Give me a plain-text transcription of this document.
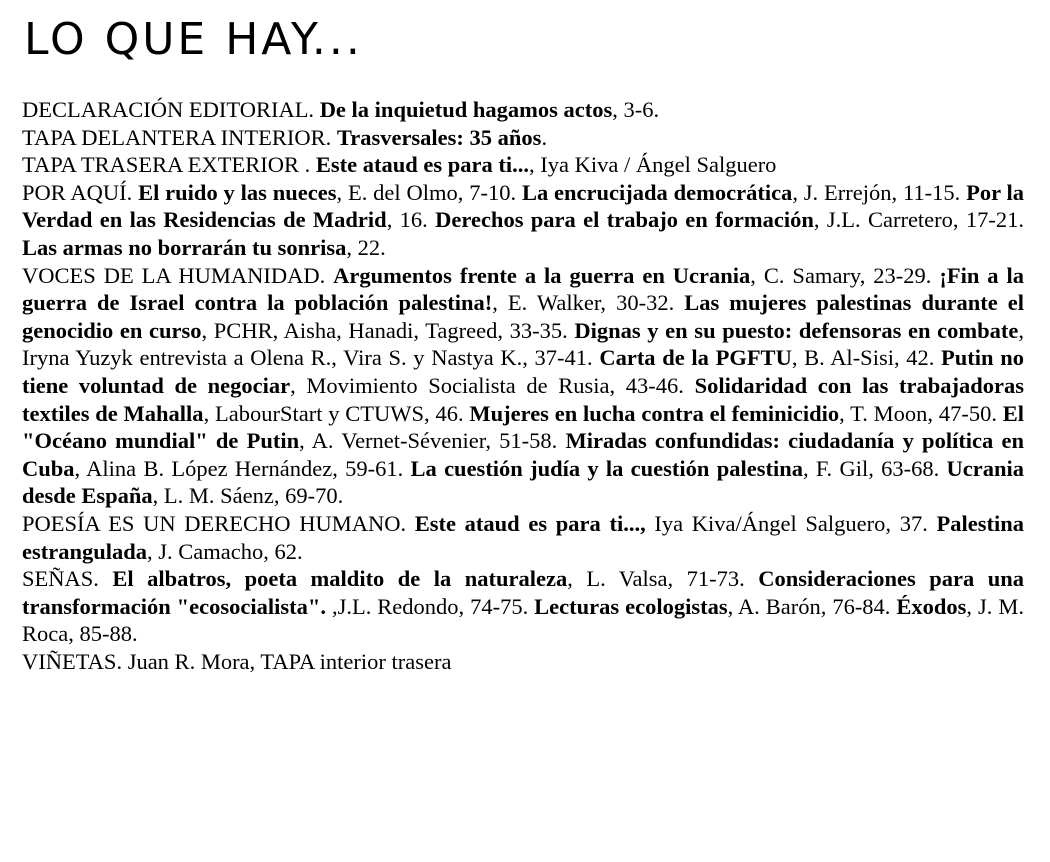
LO QUE HAY...

DECLARACIÓN EDITORIAL. De la inquietud hagamos actos, 3-6.

TAPA DELANTERA INTERIOR. Trasversales: 35 años.

TAPA TRASERA EXTERIOR . Este ataud es para ti..., Iya Kiva / Ángel Salguero

POR AQUÍ. El ruido y las nueces, E. del Olmo, 7-10. La encrucijada democrática, J. Errejón, 11-15. Por la Verdad en las Residencias de Madrid, 16. Derechos para el trabajo en formación, J.L. Carretero, 17-21. Las armas no borrarán tu sonrisa, 22.

VOCES DE LA HUMANIDAD. Argumentos frente a la guerra en Ucrania, C. Samary, 23-29. ¡Fin a la guerra de Israel contra la población palestina!, E. Walker, 30-32. Las mujeres palestinas durante el genocidio en curso, PCHR, Aisha, Hanadi, Tagreed, 33-35. Dignas y en su puesto: defensoras en combate, Iryna Yuzyk entrevista a Olena R., Vira S. y Nastya K., 37-41. Carta de la PGFTU, B. Al-Sisi, 42. Putin no tiene voluntad de negociar, Movimiento Socialista de Rusia, 43-46. Solidaridad con las trabajadoras textiles de Mahalla, LabourStart y CTUWS, 46. Mujeres en lucha contra el feminicidio, T. Moon, 47-50. El "Océano mundial" de Putin, A. Vernet-Sévenier, 51-58. Miradas confundidas: ciudadanía y política en Cuba, Alina B. López Hernández, 59-61. La cuestión judía y la cuestión palestina, F. Gil, 63-68. Ucrania desde España, L. M. Sáenz, 69-70.

POESÍA ES UN DERECHO HUMANO. Este ataud es para ti..., Iya Kiva/Ángel Salguero, 37. Palestina estrangulada, J. Camacho, 62.

SEÑAS. El albatros, poeta maldito de la naturaleza, L. Valsa, 71-73. Consideraciones para una transformación "ecosocialista". ,J.L. Redondo, 74-75. Lecturas ecologistas, A. Barón, 76-84. Éxodos, J. M. Roca, 85-88.

VIÑETAS. Juan R. Mora, TAPA interior trasera
